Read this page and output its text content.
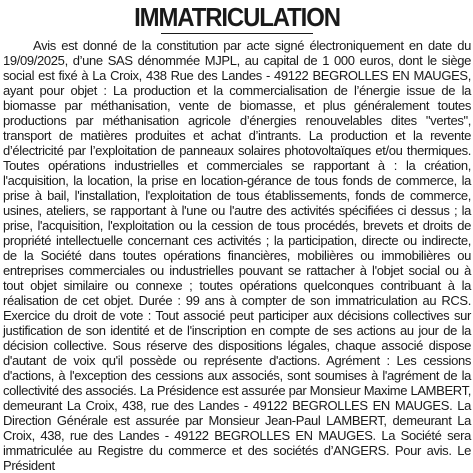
IMMATRICULATION

Avis est donné de la constitution par acte signé électroniquement en date du 19/09/2025, d’une SAS dénommée MJPL, au capital de 1 000 euros, dont le siège social est fixé à La Croix, 438 Rue des Landes - 49122 BEGROLLES EN MAUGES, ayant pour objet : La production et la commercialisation de l’énergie issue de la biomasse par méthanisation, vente de biomasse, et plus généralement toutes productions par méthanisation agricole d’énergies renouvelables dites "vertes", transport de matières produites et achat d’intrants. La production et la revente d’électricité par l’exploitation de panneaux solaires photovoltaïques et/ou thermiques. Toutes opérations industrielles et commerciales se rapportant à : la création, l'acquisition, la location, la prise en location-gérance de tous fonds de commerce, la prise à bail, l'installation, l'exploitation de tous établissements, fonds de commerce, usines, ateliers, se rapportant à l'une ou l'autre des activités spécifiées ci dessus ; la prise, l'acquisition, l'exploitation ou la cession de tous procédés, brevets et droits de propriété intellectuelle concernant ces activités ; la participation, directe ou indirecte, de la Société dans toutes opérations financières, mobilières ou immobilières ou entreprises commerciales ou industrielles pouvant se rattacher à l'objet social ou à tout objet similaire ou connexe ; toutes opérations quelconques contribuant à la réalisation de cet objet. Durée : 99 ans à compter de son immatriculation au RCS. Exercice du droit de vote : Tout associé peut participer aux décisions collectives sur justification de son identité et de l'inscription en compte de ses actions au jour de la décision collective. Sous réserve des dispositions légales, chaque associé dispose d'autant de voix qu'il possède ou représente d'actions. Agrément : Les cessions d'actions, à l'exception des cessions aux associés, sont soumises à l'agrément de la collectivité des associés. La Présidence est assurée par Monsieur Maxime LAMBERT, demeurant La Croix, 438, rue des Landes - 49122 BEGROLLES EN MAUGES. La Direction Générale est assurée par Monsieur Jean-Paul LAMBERT, demeurant La Croix, 438, rue des Landes - 49122 BEGROLLES EN MAUGES. La Société sera immatriculée au Registre du commerce et des sociétés d’ANGERS. Pour avis. Le Président
